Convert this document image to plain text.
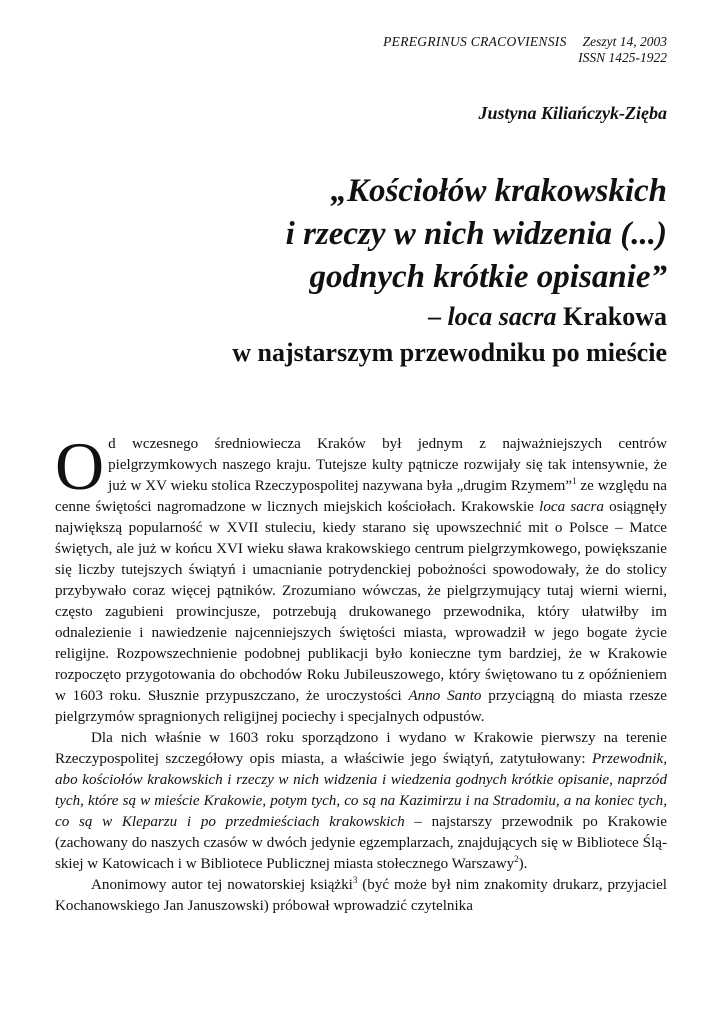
PEREGRINUS CRACOVIENSIS Zeszyt 14, 2003
ISSN 1425-1922
Justyna Kiliańczyk-Zięba
„Kościołów krakowskich
i rzeczy w nich widzenia (...)
godnych krótkie opisanie”
– loca sacra Krakowa
w najstarszym przewodniku po mieście

Od wczesnego średniowiecza Kraków był jednym z najważniejszych centrów pielgrzymkowych naszego kraju. Tutejsze kulty pątnicze rozwijały się tak intensywnie, że już w XV wieku stolica Rzeczypospolitej nazywana była „drugim Rzymem”$^1$ ze względu na cenne świętości nagromadzone w licznych miejskich kościołach. Krakowskie loca sacra osiągnęły największą popularność w XVII stuleciu, kiedy starano się upowszechnić mit o Polsce – Matce świętych, ale już w końcu XVI wieku sława krakowskiego centrum pielgrzymkowego, powiększanie się liczby tutejszych świątyń i umacnianie potrydenckiej pobożności spowodowały, że do stolicy przybywało coraz więcej pątników. Zrozumiano wówczas, że pielgrzymujący tutaj wierni wierni, często zagubieni prowincjusze, potrzebują drukowanego przewodnika, który ułatwiłby im odnalezienie i nawiedzenie najcenniejszych świętości miasta, wprowadził w jego bogate życie religijne. Rozpowszechnienie podobnej publikacji było konieczne tym bardziej, że w Krakowie rozpoczęto przygotowania do obchodów Roku Jubileuszowego, który świętowano tu z opóźnieniem w 1603 roku. Słusznie przypuszczano, że uroczystości Anno Santo przyciągną do miasta rzesze pielgrzymów spragnionych religijnej pociechy i specjalnych odpustów.

Dla nich właśnie w 1603 roku sporządzono i wydano w Krakowie pierwszy na terenie Rzeczypospolitej szczegółowy opis miasta, a właściwie jego świątyń, zatytułowany: Przewodnik, abo kościołów krakowskich i rzeczy w nich widzenia i wiedzenia godnych krótkie opisanie, naprzód tych, które są w mieście Krakowie, potym tych, co są na Kazimirzu i na Stradomiu, a na koniec tych, co są w Kleparzu i po przedmieściach krakowskich – najstarszy przewodnik po Krakowie (zachowany do naszych czasów w dwóch jedynie egzemplarzach, znajdujących się w Bibliotece Śląskiej w Katowicach i w Bibliotece Publicznej miasta stołecznego Warszawy$^2$).

Anonimowy autor tej nowatorskiej książki$^3$ (być może był nim znakomity drukarz, przyjaciel Kochanowskiego Jan Januszowski) próbował wprowadzić czytelnika
